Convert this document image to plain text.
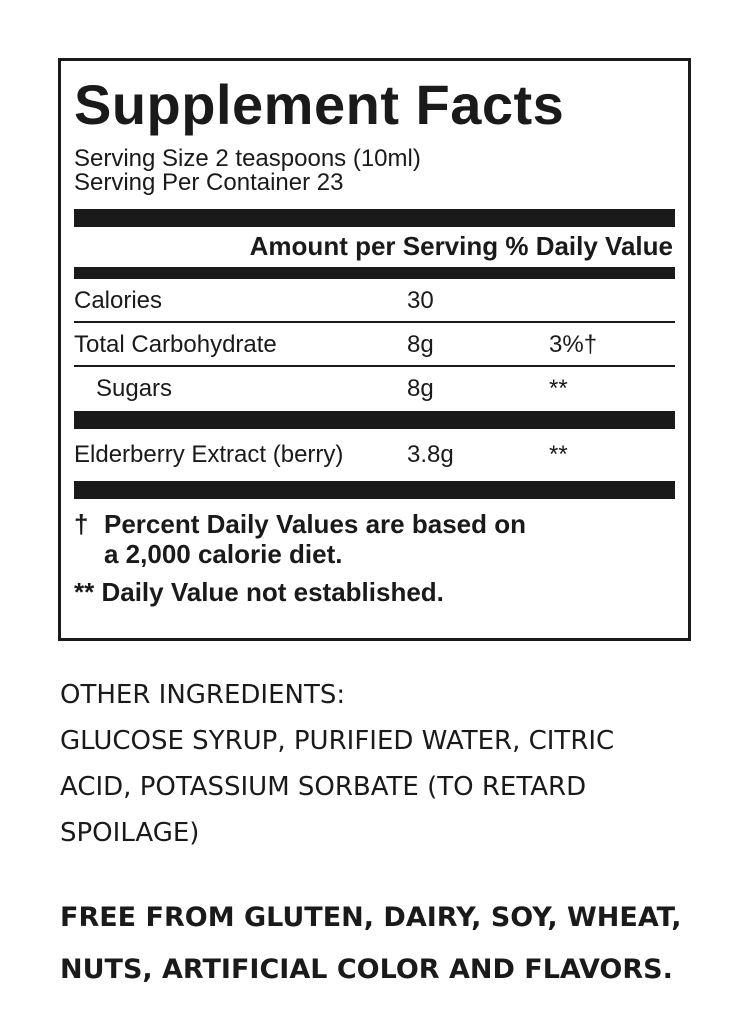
Supplement Facts
Serving Size 2 teaspoons (10ml)
Serving Per Container 23
Amount per Serving % Daily Value
Calories	30
Total Carbohydrate	8g	3%†
Sugars	8g	**
Elderberry Extract (berry)	3.8g	**
† Percent Daily Values are based on
a 2,000 calorie diet.
** Daily Value not established.
OTHER INGREDIENTS:
GLUCOSE SYRUP, PURIFIED WATER, CITRIC
ACID, POTASSIUM SORBATE (TO RETARD
SPOILAGE)
FREE FROM GLUTEN, DAIRY, SOY, WHEAT,
NUTS, ARTIFICIAL COLOR AND FLAVORS.
